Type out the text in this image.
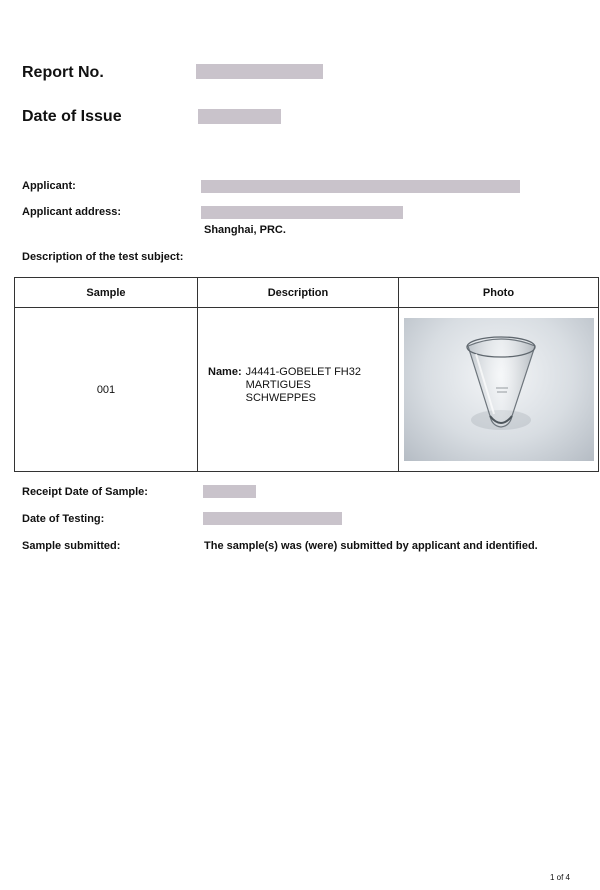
Report No.
Date of Issue
Applicant:
Applicant address:
Shanghai, PRC.
Description of the test subject:
Sample	Description	Photo
001	Name: J4441-GOBELET FH32
MARTIGUES
SCHWEPPES

Receipt Date of Sample:
Date of Testing:
Sample submitted:	The sample(s) was (were) submitted by applicant and identified.
1 of 4
